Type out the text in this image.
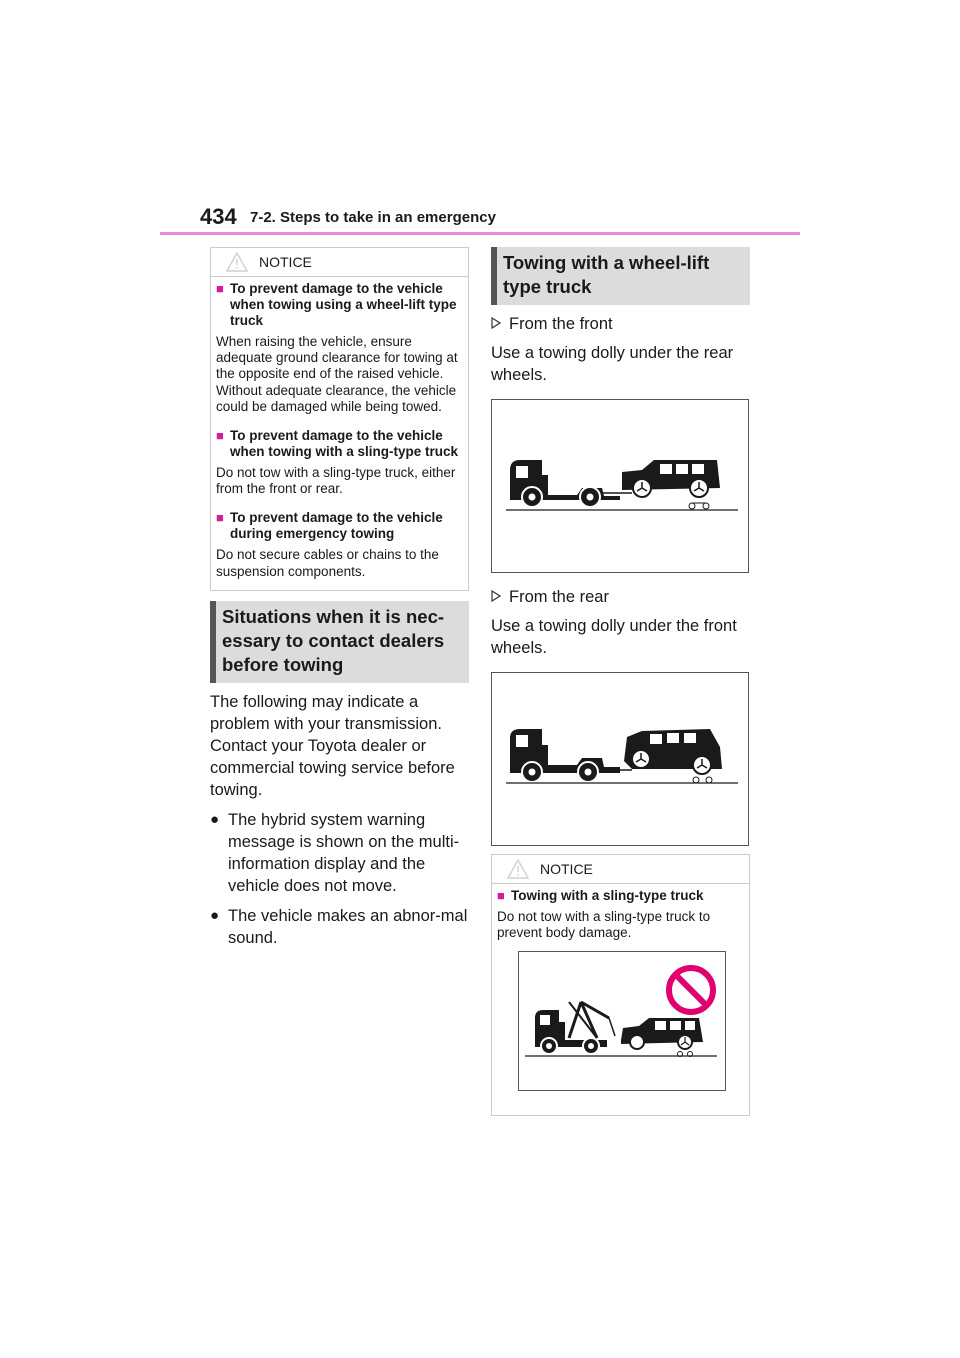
434 7-2. Steps to take in an emergency
NOTICE
■ To prevent damage to the vehicle when towing using a wheel-lift type truck
When raising the vehicle, ensure adequate ground clearance for towing at the opposite end of the raised vehicle. Without adequate clearance, the vehicle could be damaged while being towed.
■ To prevent damage to the vehicle when towing with a sling-type truck
Do not tow with a sling-type truck, either from the front or rear.
■ To prevent damage to the vehicle during emergency towing
Do not secure cables or chains to the suspension components.
Situations when it is nec-essary to contact dealers before towing

The following may indicate a problem with your transmission. Contact your Toyota dealer or commercial towing service before towing.

● The hybrid system warning message is shown on the multi-information display and the vehicle does not move.
● The vehicle makes an abnor-mal sound.
Towing with a wheel-lift type truck
From the front

Use a towing dolly under the rear wheels.

From the rear

Use a towing dolly under the front wheels.

NOTICE
■ Towing with a sling-type truck
Do not tow with a sling-type truck to prevent body damage.
